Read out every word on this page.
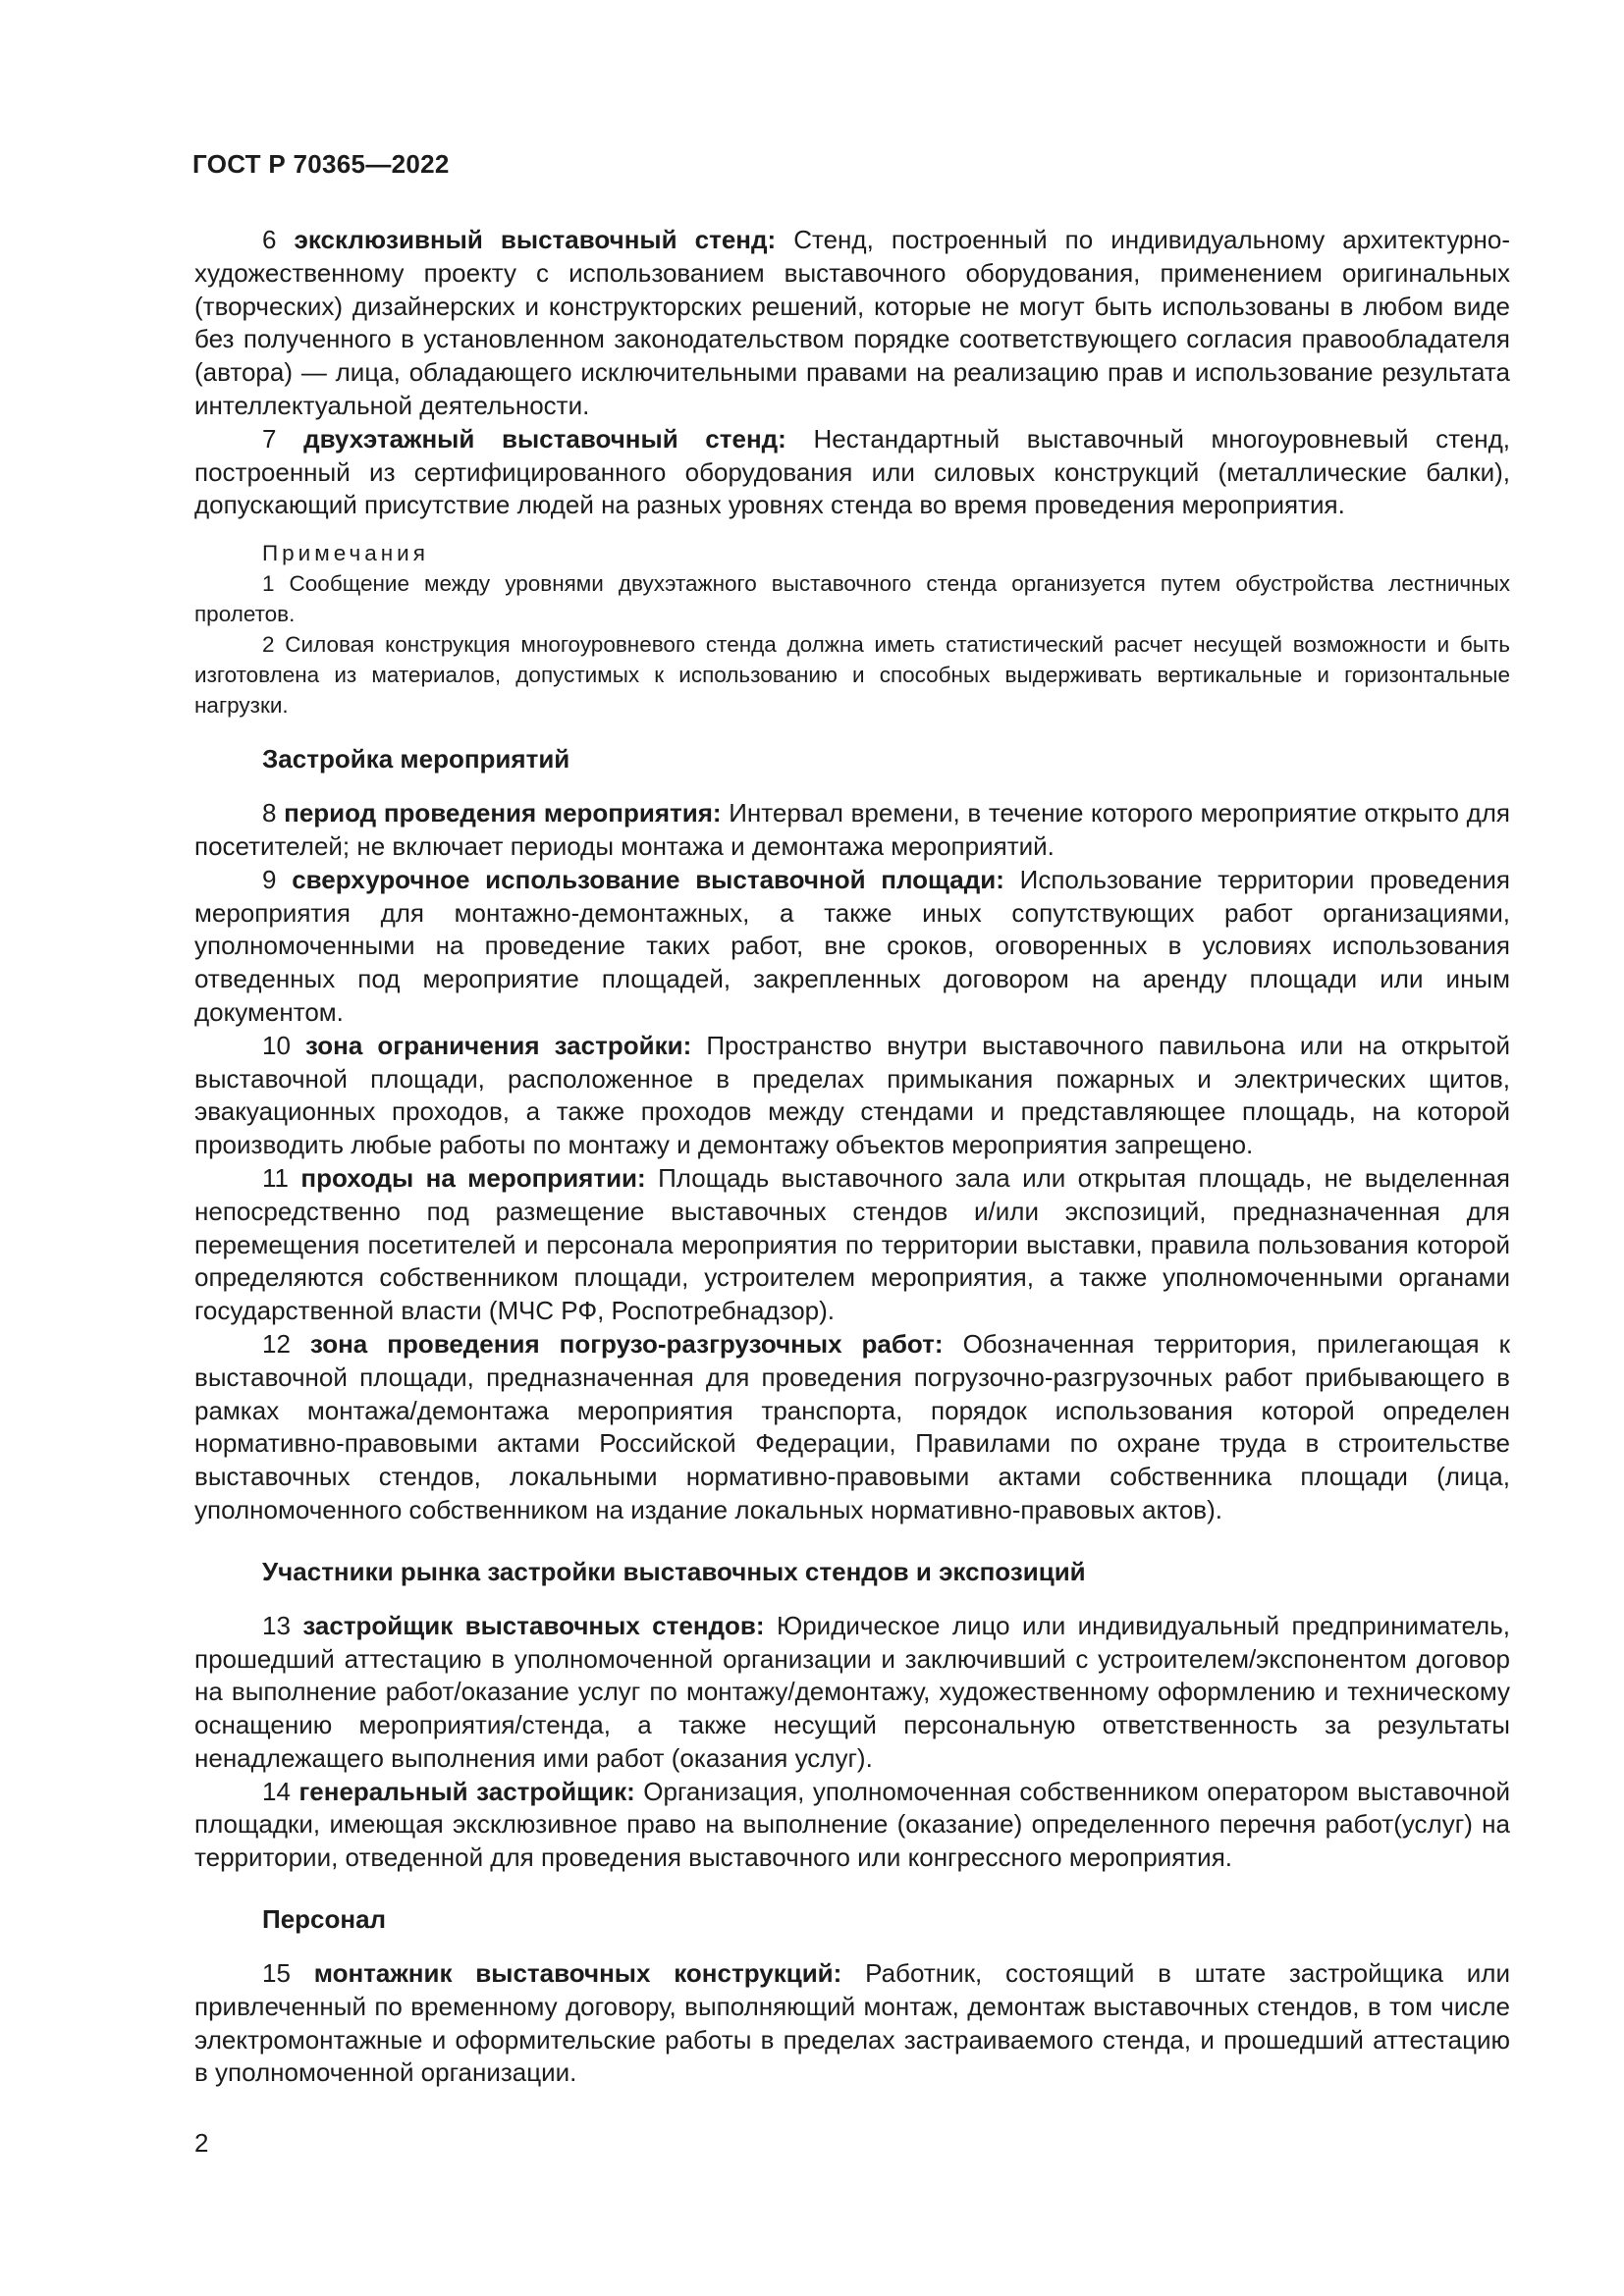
ГОСТ Р 70365—2022

6 эксклюзивный выставочный стенд: Стенд, построенный по индивидуальному архитектурно-художественному проекту с использованием выставочного оборудования, применением оригинальных (творческих) дизайнерских и конструкторских решений, которые не могут быть использованы в любом виде без полученного в установленном законодательством порядке соответствующего согласия правообладателя (автора) — лица, обладающего исключительными правами на реализацию прав и использование результата интеллектуальной деятельности.

7 двухэтажный выставочный стенд: Нестандартный выставочный многоуровневый стенд, построенный из сертифицированного оборудования или силовых конструкций (металлические балки), допускающий присутствие людей на разных уровнях стенда во время проведения мероприятия.

Примечания

1 Сообщение между уровнями двухэтажного выставочного стенда организуется путем обустройства лестничных пролетов.

2 Силовая конструкция многоуровневого стенда должна иметь статистический расчет несущей возможности и быть изготовлена из материалов, допустимых к использованию и способных выдерживать вертикальные и горизонтальные нагрузки.

Застройка мероприятий

8 период проведения мероприятия: Интервал времени, в течение которого мероприятие открыто для посетителей; не включает периоды монтажа и демонтажа мероприятий.

9 сверхурочное использование выставочной площади: Использование территории проведения мероприятия для монтажно-демонтажных, а также иных сопутствующих работ организациями, уполномоченными на проведение таких работ, вне сроков, оговоренных в условиях использования отведенных под мероприятие площадей, закрепленных договором на аренду площади или иным документом.

10 зона ограничения застройки: Пространство внутри выставочного павильона или на открытой выставочной площади, расположенное в пределах примыкания пожарных и электрических щитов, эвакуационных проходов, а также проходов между стендами и представляющее площадь, на которой производить любые работы по монтажу и демонтажу объектов мероприятия запрещено.

11 проходы на мероприятии: Площадь выставочного зала или открытая площадь, не выделенная непосредственно под размещение выставочных стендов и/или экспозиций, предназначенная для перемещения посетителей и персонала мероприятия по территории выставки, правила пользования которой определяются собственником площади, устроителем мероприятия, а также уполномоченными органами государственной власти (МЧС РФ, Роспотребнадзор).

12 зона проведения погрузо-разгрузочных работ: Обозначенная территория, прилегающая к выставочной площади, предназначенная для проведения погрузочно-разгрузочных работ прибывающего в рамках монтажа/демонтажа мероприятия транспорта, порядок использования которой определен нормативно-правовыми актами Российской Федерации, Правилами по охране труда в строительстве выставочных стендов, локальными нормативно-правовыми актами собственника площади (лица, уполномоченного собственником на издание локальных нормативно-правовых актов).

Участники рынка застройки выставочных стендов и экспозиций

13 застройщик выставочных стендов: Юридическое лицо или индивидуальный предприниматель, прошедший аттестацию в уполномоченной организации и заключивший с устроителем/экспонентом договор на выполнение работ/оказание услуг по монтажу/демонтажу, художественному оформлению и техническому оснащению мероприятия/стенда, а также несущий персональную ответственность за результаты ненадлежащего выполнения ими работ (оказания услуг).

14 генеральный застройщик: Организация, уполномоченная собственником оператором выставочной площадки, имеющая эксклюзивное право на выполнение (оказание) определенного перечня работ(услуг) на территории, отведенной для проведения выставочного или конгрессного мероприятия.

Персонал

15 монтажник выставочных конструкций: Работник, состоящий в штате застройщика или привлеченный по временному договору, выполняющий монтаж, демонтаж выставочных стендов, в том числе электромонтажные и оформительские работы в пределах застраиваемого стенда, и прошедший аттестацию в уполномоченной организации.

2
